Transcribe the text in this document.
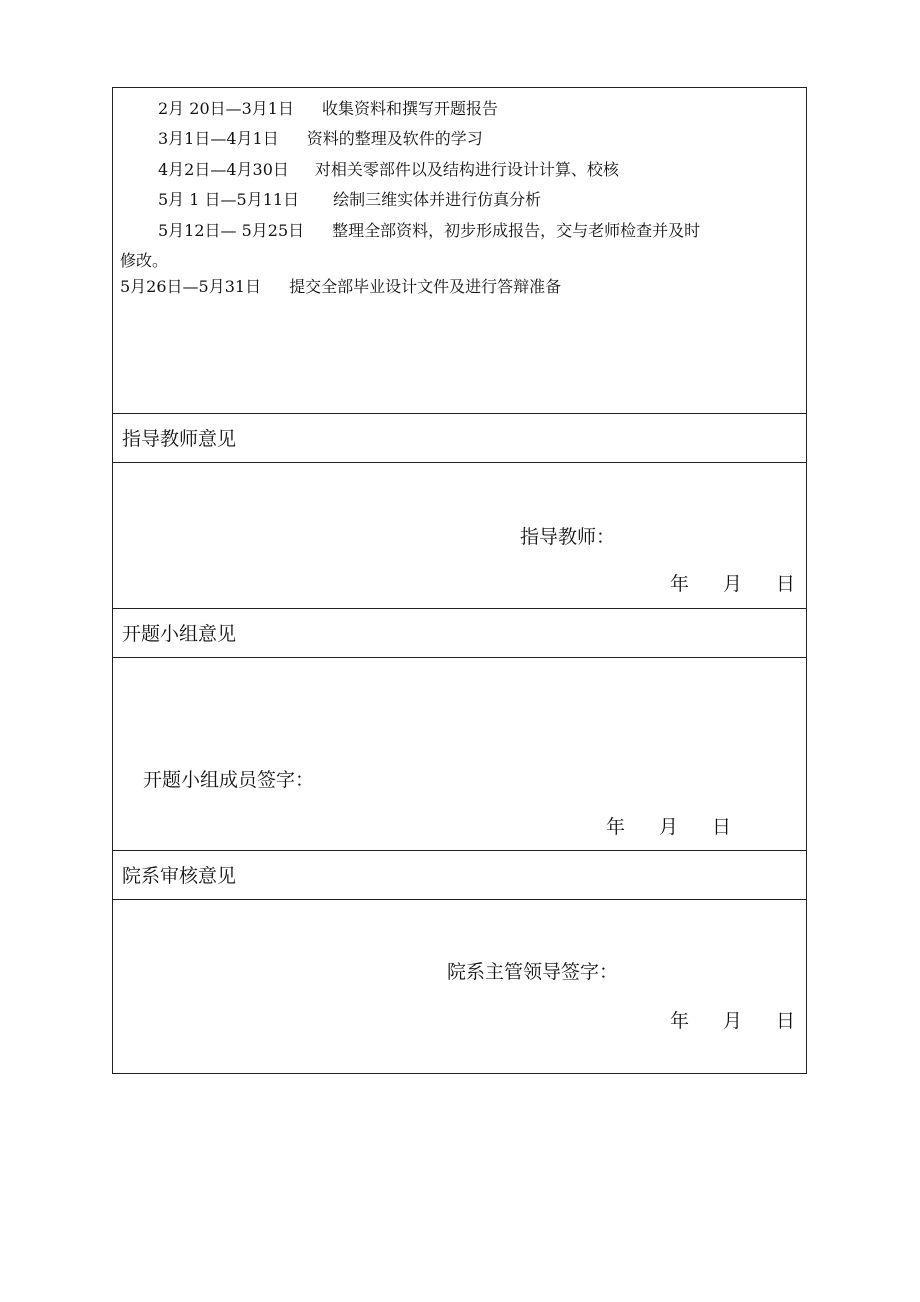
2月 20日—3月1日 收集资料和撰写开题报告
3月1日—4月1日 资料的整理及软件的学习
4月2日—4月30日 对相关零部件以及结构进行设计计算、校核
5月 1 日—5月11日 绘制三维实体并进行仿真分析
5月12日— 5月25日 整理全部资料，初步形成报告，交与老师检查并及时
修改。
5月26日—5月31日 提交全部毕业设计文件及进行答辩准备
指导教师意见
指导教师：
年 月 日
开题小组意见
开题小组成员签字：
年 月 日
院系审核意见
院系主管领导签字：
年 月 日
